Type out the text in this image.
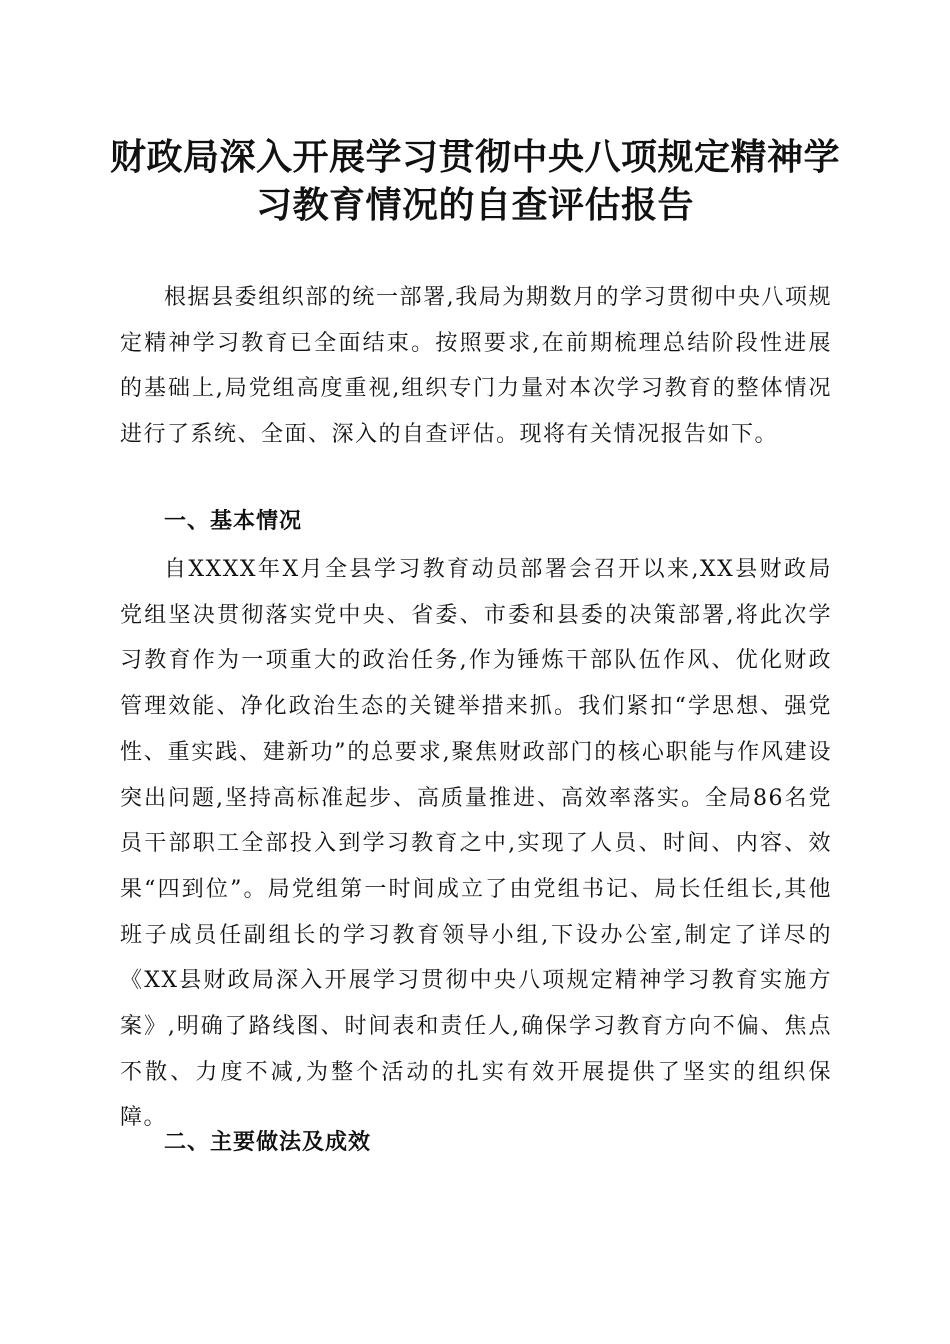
财政局深入开展学习贯彻中央八项规定精神学
习教育情况的自查评估报告

根据县委组织部的统一部署,我局为期数月的学习贯彻中央八项规定精神学习教育已全面结束。按照要求,在前期梳理总结阶段性进展的基础上,局党组高度重视,组织专门力量对本次学习教育的整体情况进行了系统、全面、深入的自查评估。现将有关情况报告如下。

一、基本情况

自XXXX年X月全县学习教育动员部署会召开以来,XX县财政局党组坚决贯彻落实党中央、省委、市委和县委的决策部署,将此次学习教育作为一项重大的政治任务,作为锤炼干部队伍作风、优化财政管理效能、净化政治生态的关键举措来抓。我们紧扣“学思想、强党性、重实践、建新功”的总要求,聚焦财政部门的核心职能与作风建设突出问题,坚持高标准起步、高质量推进、高效率落实。全局86名党员干部职工全部投入到学习教育之中,实现了人员、时间、内容、效果“四到位”。局党组第一时间成立了由党组书记、局长任组长,其他班子成员任副组长的学习教育领导小组,下设办公室,制定了详尽的《XX县财政局深入开展学习贯彻中央八项规定精神学习教育实施方案》,明确了路线图、时间表和责任人,确保学习教育方向不偏、焦点不散、力度不减,为整个活动的扎实有效开展提供了坚实的组织保障。

二、主要做法及成效
